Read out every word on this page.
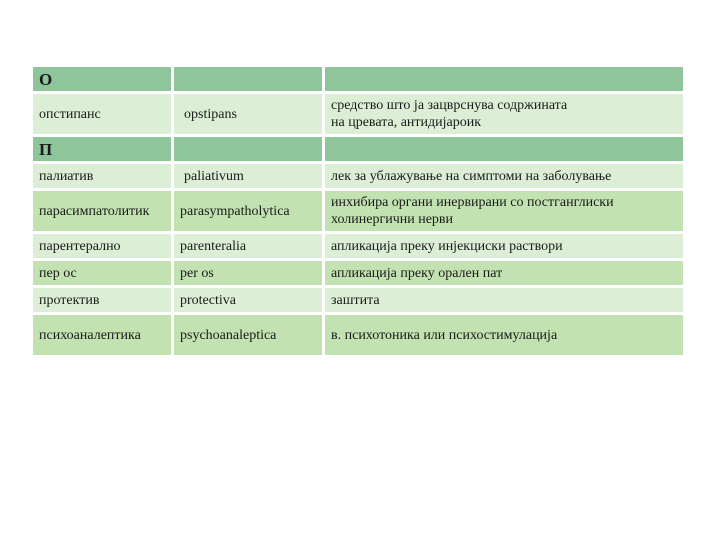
О		
опстипанс	opstipans	средство што ја зацврснува содржината
на цревата, антидијароик

П		
палиатив	paliativum	лек за ублажување на симптоми на заболување

парасимпатолитик	parasympatholytica	инхибира органи инервирани со постганглиски
холинергични нерви

парентерално	parenteralia	апликација преку инјекциски раствори

пер ос	per os	апликација преку орален пат

протектив	protectiva	заштита

психоаналептика	psychoanaleptica	в. психотоника или психостимулација
